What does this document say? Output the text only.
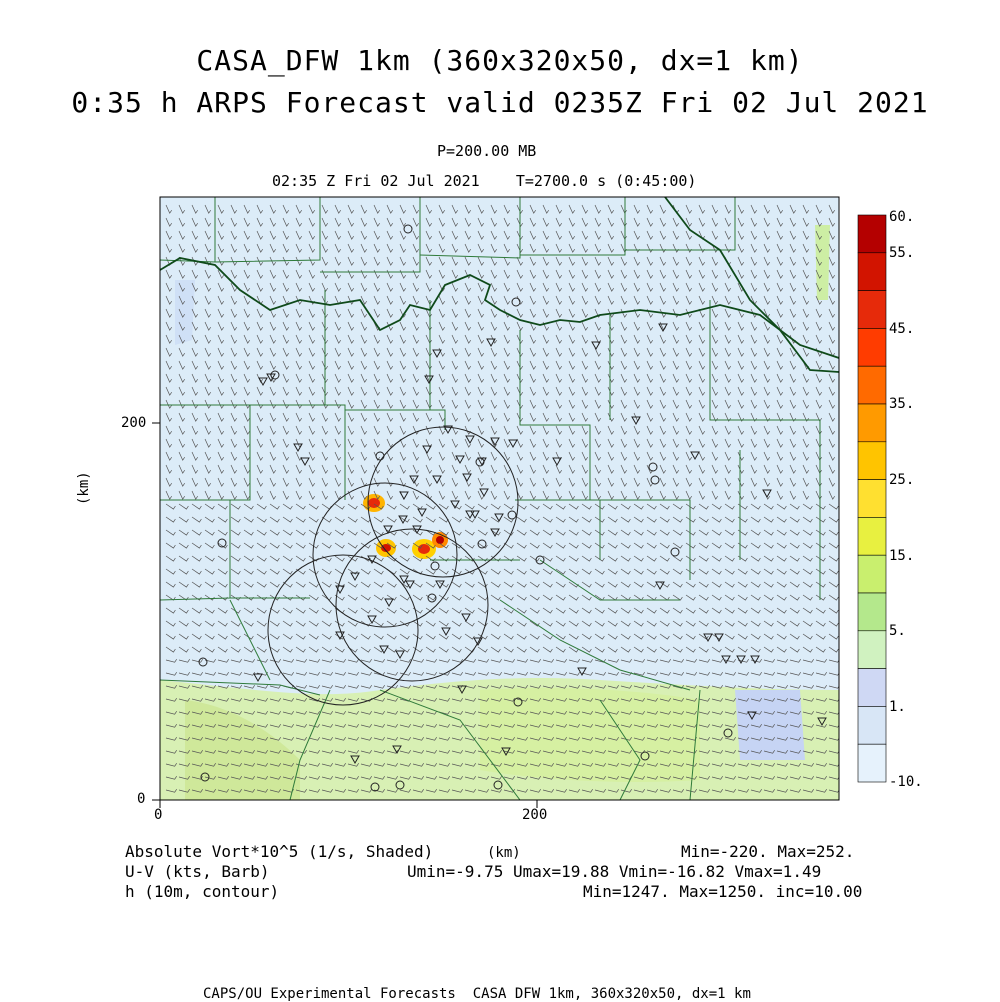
CASA_DFW 1km (360x320x50, dx=1 km)
0:35 h ARPS Forecast valid 0235Z Fri 02 Jul 2021
P=200.00 MB
02:35 Z Fri 02 Jul 2021    T=2700.0 s (0:45:00)
0	200
0
200
(km)
(km)
60.
55.
45.
35.
25.
15.
5.
1.
-10.
Absolute Vort*10^5 (1/s, Shaded)	Min=-220. Max=252.
U-V (kts, Barb)	Umin=-9.75 Umax=19.88 Vmin=-16.82 Vmax=1.49
h (10m, contour)	Min=1247. Max=1250. inc=10.00
CAPS/OU Experimental Forecasts  CASA DFW 1km, 360x320x50, dx=1 km
